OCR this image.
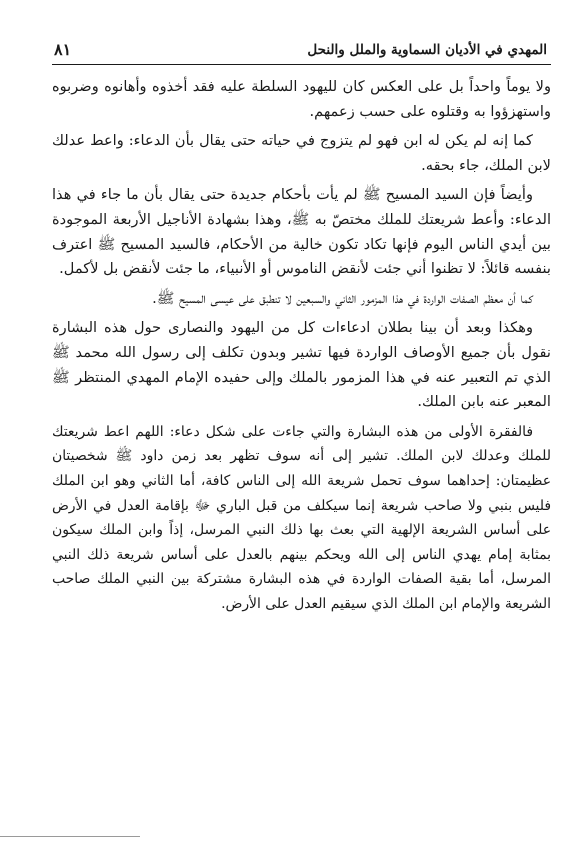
المهدي في الأديان السماوية والملل والنحل
٨١

ولا يوماً واحداً بل على العكس كان لليهود السلطة عليه فقد أخذوه وأهانوه وضربوه واستهزؤوا به وقتلوه على حسب زعمهم.

كما إنه لم يكن له ابن فهو لم يتزوج في حياته حتى يقال بأن الدعاء: واعط عدلك لابن الملك، جاء بحقه.

وأيضاً فإن السيد المسيح ﷺ لم يأت بأحكام جديدة حتى يقال بأن ما جاء في هذا الدعاء: وأعط شريعتك للملك مختصّ به ﷺ، وهذا بشهادة الأناجيل الأربعة الموجودة بين أيدي الناس اليوم فإنها تكاد تكون خالية من الأحكام، فالسيد المسيح ﷺ اعترف بنفسه قائلاً: لا تظنوا أني جئت لأنقض الناموس أو الأنبياء، ما جئت لأنقض بل لأكمل.

كما أن معظم الصفات الواردة في هذا المزمور الثاني والسبعين لا تنطبق على عيسى المسيح ﷺ.

وهكذا وبعد أن بينا بطلان ادعاءات كل من اليهود والنصارى حول هذه البشارة نقول بأن جميع الأوصاف الواردة فيها تشير وبدون تكلف إلى رسول الله محمد ﷺ الذي تم التعبير عنه في هذا المزمور بالملك وإلى حفيده الإمام المهدي المنتظر ﷺ المعبر عنه بابن الملك.

فالفقرة الأولى من هذه البشارة والتي جاءت على شكل دعاء: اللهم اعط شريعتك للملك وعدلك لابن الملك. تشير إلى أنه سوف تظهر بعد زمن داود ﷺ شخصيتان عظيمتان: إحداهما سوف تحمل شريعة الله إلى الناس كافة، أما الثاني وهو ابن الملك فليس بنبي ولا صاحب شريعة إنما سيكلف من قبل الباري ﷻ بإقامة العدل في الأرض على أساس الشريعة الإلهية التي بعث بها ذلك النبي المرسل، إذاً وابن الملك سيكون بمثابة إمام يهدي الناس إلى الله ويحكم بينهم بالعدل على أساس شريعة ذلك النبي المرسل، أما بقية الصفات الواردة في هذه البشارة مشتركة بين النبي الملك صاحب الشريعة والإمام ابن الملك الذي سيقيم العدل على الأرض.
